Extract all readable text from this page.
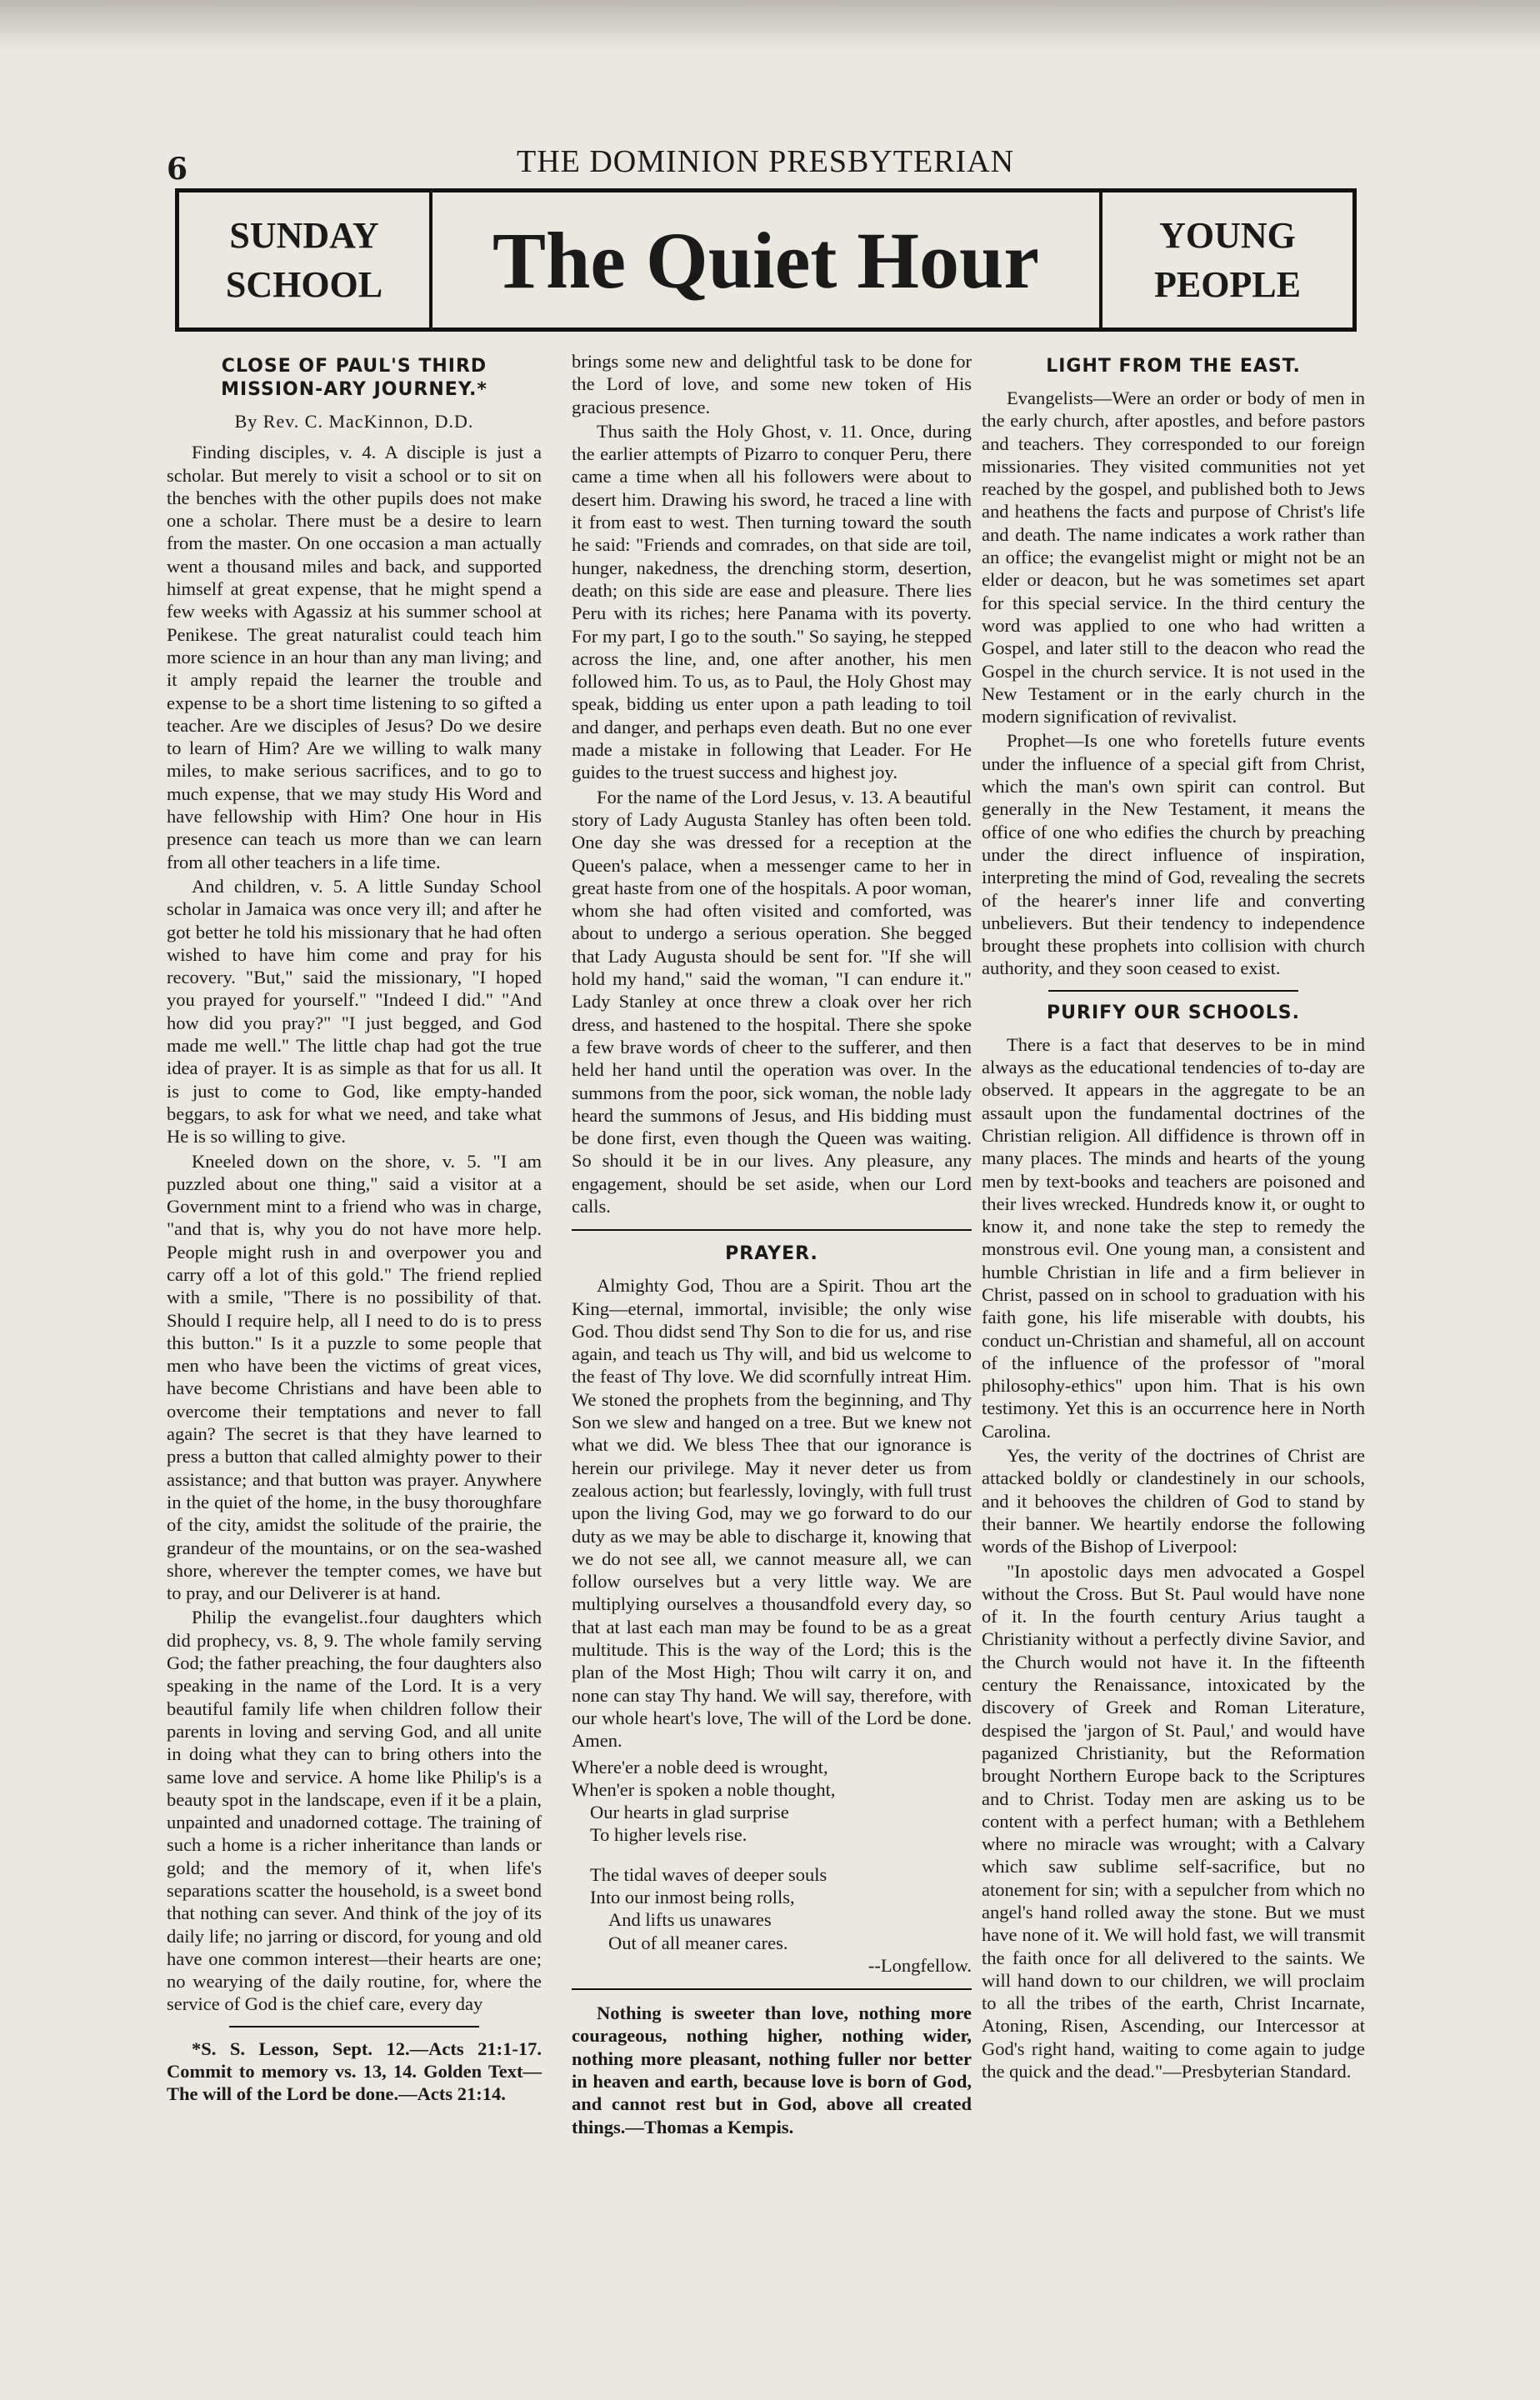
6	THE DOMINION PRESBYTERIAN
SUNDAY
SCHOOL	The Quiet Hour	YOUNG
PEOPLE
CLOSE OF PAUL'S THIRD MISSION-ARY JOURNEY.*
By Rev. C. MacKinnon, D.D.

Finding disciples, v. 4. A disciple is just a scholar. But merely to visit a school or to sit on the benches with the other pupils does not make one a scholar. There must be a desire to learn from the master. On one occasion a man actually went a thousand miles and back, and supported himself at great expense, that he might spend a few weeks with Agassiz at his summer school at Penikese. The great naturalist could teach him more science in an hour than any man living; and it amply repaid the learner the trouble and expense to be a short time listening to so gifted a teacher. Are we disciples of Jesus? Do we desire to learn of Him? Are we willing to walk many miles, to make serious sacrifices, and to go to much expense, that we may study His Word and have fellowship with Him? One hour in His presence can teach us more than we can learn from all other teachers in a life time.

And children, v. 5. A little Sunday School scholar in Jamaica was once very ill; and after he got better he told his missionary that he had often wished to have him come and pray for his recovery. "But," said the missionary, "I hoped you prayed for yourself." "Indeed I did." "And how did you pray?" "I just begged, and God made me well." The little chap had got the true idea of prayer. It is as simple as that for us all. It is just to come to God, like empty-handed beggars, to ask for what we need, and take what He is so willing to give.

Kneeled down on the shore, v. 5. "I am puzzled about one thing," said a visitor at a Government mint to a friend who was in charge, "and that is, why you do not have more help. People might rush in and overpower you and carry off a lot of this gold." The friend replied with a smile, "There is no possibility of that. Should I require help, all I need to do is to press this button." Is it a puzzle to some people that men who have been the victims of great vices, have become Christians and have been able to overcome their temptations and never to fall again? The secret is that they have learned to press a button that called almighty power to their assistance; and that button was prayer. Anywhere in the quiet of the home, in the busy thoroughfare of the city, amidst the solitude of the prairie, the grandeur of the mountains, or on the sea-washed shore, wherever the tempter comes, we have but to pray, and our Deliverer is at hand.

Philip the evangelist..four daughters which did prophecy, vs. 8, 9. The whole family serving God; the father preaching, the four daughters also speaking in the name of the Lord. It is a very beautiful family life when children follow their parents in loving and serving God, and all unite in doing what they can to bring others into the same love and service. A home like Philip's is a beauty spot in the landscape, even if it be a plain, unpainted and unadorned cottage. The training of such a home is a richer inheritance than lands or gold; and the memory of it, when life's separations scatter the household, is a sweet bond that nothing can sever. And think of the joy of its daily life; no jarring or discord, for young and old have one common interest—their hearts are one; no wearying of the daily routine, for, where the service of God is the chief care, every day

*S. S. Lesson, Sept. 12.—Acts 21:1-17. Commit to memory vs. 13, 14. Golden Text—The will of the Lord be done.—Acts 21:14.

brings some new and delightful task to be done for the Lord of love, and some new token of His gracious presence.

Thus saith the Holy Ghost, v. 11. Once, during the earlier attempts of Pizarro to conquer Peru, there came a time when all his followers were about to desert him. Drawing his sword, he traced a line with it from east to west. Then turning toward the south he said: "Friends and comrades, on that side are toil, hunger, nakedness, the drenching storm, desertion, death; on this side are ease and pleasure. There lies Peru with its riches; here Panama with its poverty. For my part, I go to the south." So saying, he stepped across the line, and, one after another, his men followed him. To us, as to Paul, the Holy Ghost may speak, bidding us enter upon a path leading to toil and danger, and perhaps even death. But no one ever made a mistake in following that Leader. For He guides to the truest success and highest joy.

For the name of the Lord Jesus, v. 13. A beautiful story of Lady Augusta Stanley has often been told. One day she was dressed for a reception at the Queen's palace, when a messenger came to her in great haste from one of the hospitals. A poor woman, whom she had often visited and comforted, was about to undergo a serious operation. She begged that Lady Augusta should be sent for. "If she will hold my hand," said the woman, "I can endure it." Lady Stanley at once threw a cloak over her rich dress, and hastened to the hospital. There she spoke a few brave words of cheer to the sufferer, and then held her hand until the operation was over. In the summons from the poor, sick woman, the noble lady heard the summons of Jesus, and His bidding must be done first, even though the Queen was waiting. So should it be in our lives. Any pleasure, any engagement, should be set aside, when our Lord calls.

PRAYER.

Almighty God, Thou are a Spirit. Thou art the King—eternal, immortal, invisible; the only wise God. Thou didst send Thy Son to die for us, and rise again, and teach us Thy will, and bid us welcome to the feast of Thy love. We did scornfully intreat Him. We stoned the prophets from the beginning, and Thy Son we slew and hanged on a tree. But we knew not what we did. We bless Thee that our ignorance is herein our privilege. May it never deter us from zealous action; but fearlessly, lovingly, with full trust upon the living God, may we go forward to do our duty as we may be able to discharge it, knowing that we do not see all, we cannot measure all, we can follow ourselves but a very little way. We are multiplying ourselves a thousandfold every day, so that at last each man may be found to be as a great multitude. This is the way of the Lord; this is the plan of the Most High; Thou wilt carry it on, and none can stay Thy hand. We will say, therefore, with our whole heart's love, The will of the Lord be done. Amen.

Where'er a noble deed is wrought,
When'er is spoken a noble thought,
Our hearts in glad surprise
To higher levels rise.
The tidal waves of deeper souls
Into our inmost being rolls,
And lifts us unawares
Out of all meaner cares.

--Longfellow.

Nothing is sweeter than love, nothing more courageous, nothing higher, nothing wider, nothing more pleasant, nothing fuller nor better in heaven and earth, because love is born of God, and cannot rest but in God, above all created things.—Thomas a Kempis.

LIGHT FROM THE EAST.

Evangelists—Were an order or body of men in the early church, after apostles, and before pastors and teachers. They corresponded to our foreign missionaries. They visited communities not yet reached by the gospel, and published both to Jews and heathens the facts and purpose of Christ's life and death. The name indicates a work rather than an office; the evangelist might or might not be an elder or deacon, but he was sometimes set apart for this special service. In the third century the word was applied to one who had written a Gospel, and later still to the deacon who read the Gospel in the church service. It is not used in the New Testament or in the early church in the modern signification of revivalist.

Prophet—Is one who foretells future events under the influence of a special gift from Christ, which the man's own spirit can control. But generally in the New Testament, it means the office of one who edifies the church by preaching under the direct influence of inspiration, interpreting the mind of God, revealing the secrets of the hearer's inner life and converting unbelievers. But their tendency to independence brought these prophets into collision with church authority, and they soon ceased to exist.

PURIFY OUR SCHOOLS.

There is a fact that deserves to be in mind always as the educational tendencies of to-day are observed. It appears in the aggregate to be an assault upon the fundamental doctrines of the Christian religion. All diffidence is thrown off in many places. The minds and hearts of the young men by text-books and teachers are poisoned and their lives wrecked. Hundreds know it, or ought to know it, and none take the step to remedy the monstrous evil. One young man, a consistent and humble Christian in life and a firm believer in Christ, passed on in school to graduation with his faith gone, his life miserable with doubts, his conduct un-Christian and shameful, all on account of the influence of the professor of "moral philosophy-ethics" upon him. That is his own testimony. Yet this is an occurrence here in North Carolina.

Yes, the verity of the doctrines of Christ are attacked boldly or clandestinely in our schools, and it behooves the children of God to stand by their banner. We heartily endorse the following words of the Bishop of Liverpool:

"In apostolic days men advocated a Gospel without the Cross. But St. Paul would have none of it. In the fourth century Arius taught a Christianity without a perfectly divine Savior, and the Church would not have it. In the fifteenth century the Renaissance, intoxicated by the discovery of Greek and Roman Literature, despised the 'jargon of St. Paul,' and would have paganized Christianity, but the Reformation brought Northern Europe back to the Scriptures and to Christ. Today men are asking us to be content with a perfect human; with a Bethlehem where no miracle was wrought; with a Calvary which saw sublime self-sacrifice, but no atonement for sin; with a sepulcher from which no angel's hand rolled away the stone. But we must have none of it. We will hold fast, we will transmit the faith once for all delivered to the saints. We will hand down to our children, we will proclaim to all the tribes of the earth, Christ Incarnate, Atoning, Risen, Ascending, our Intercessor at God's right hand, waiting to come again to judge the quick and the dead."—Presbyterian Standard.
